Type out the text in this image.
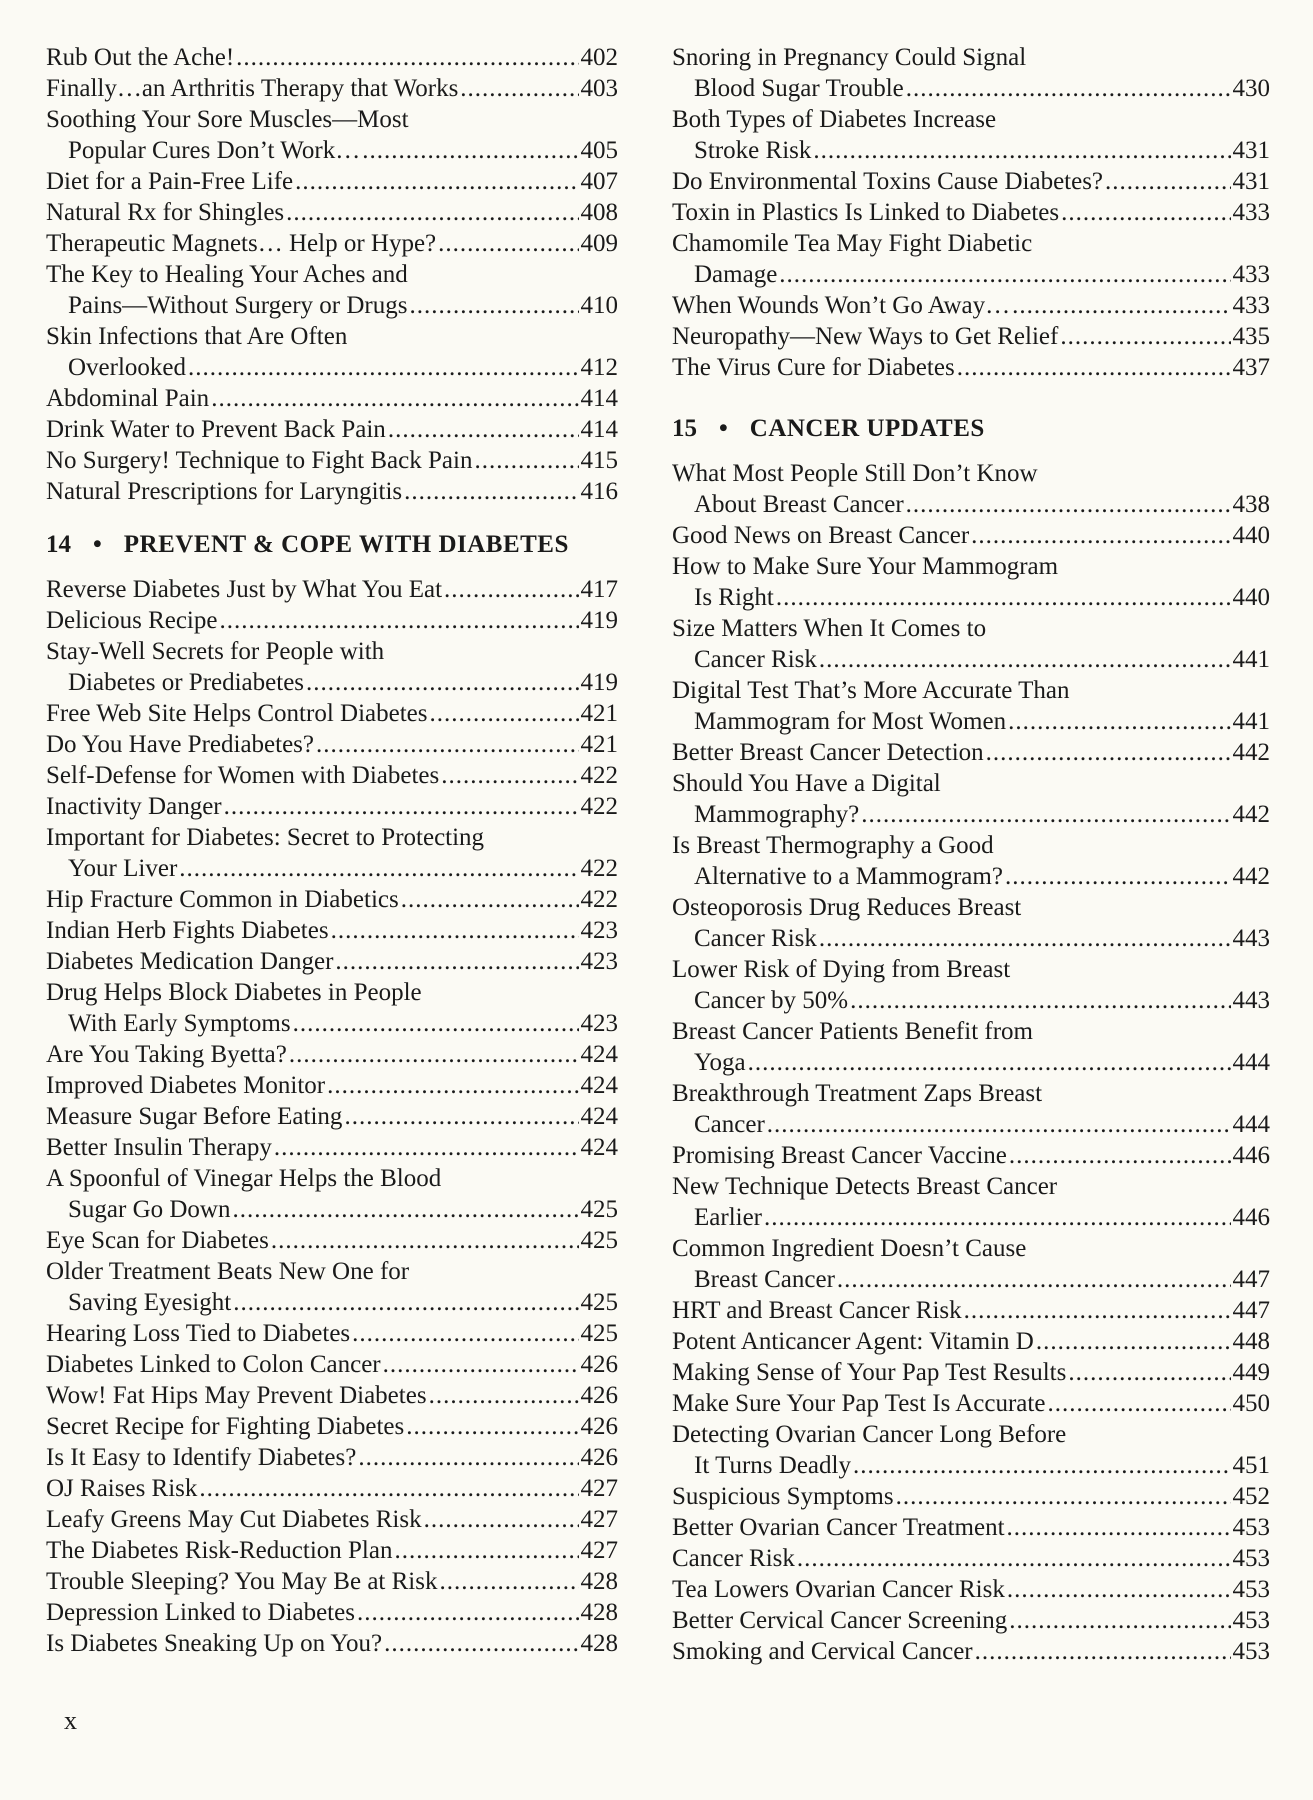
Rub Out the Ache! .....	402
Finally…an Arthritis Therapy that Works .....	403
Soothing Your Sore Muscles—Most
Popular Cures Don’t Work… .....	405
Diet for a Pain-Free Life .....	407
Natural Rx for Shingles .....	408
Therapeutic Magnets… Help or Hype? .....	409
The Key to Healing Your Aches and
Pains—Without Surgery or Drugs .....	410
Skin Infections that Are Often
Overlooked .....	412
Abdominal Pain .....	414
Drink Water to Prevent Back Pain .....	414
No Surgery! Technique to Fight Back Pain .....	415
Natural Prescriptions for Laryngitis .....	416
14 • PREVENT & COPE WITH DIABETES
Reverse Diabetes Just by What You Eat .....	417
Delicious Recipe .....	419
Stay-Well Secrets for People with
Diabetes or Prediabetes .....	419
Free Web Site Helps Control Diabetes .....	421
Do You Have Prediabetes? .....	421
Self-Defense for Women with Diabetes .....	422
Inactivity Danger .....	422
Important for Diabetes: Secret to Protecting
Your Liver .....	422
Hip Fracture Common in Diabetics .....	422
Indian Herb Fights Diabetes .....	423
Diabetes Medication Danger .....	423
Drug Helps Block Diabetes in People
With Early Symptoms .....	423
Are You Taking Byetta? .....	424
Improved Diabetes Monitor .....	424
Measure Sugar Before Eating .....	424
Better Insulin Therapy .....	424
A Spoonful of Vinegar Helps the Blood
Sugar Go Down .....	425
Eye Scan for Diabetes .....	425
Older Treatment Beats New One for
Saving Eyesight .....	425
Hearing Loss Tied to Diabetes .....	425
Diabetes Linked to Colon Cancer .....	426
Wow! Fat Hips May Prevent Diabetes .....	426
Secret Recipe for Fighting Diabetes .....	426
Is It Easy to Identify Diabetes? .....	426
OJ Raises Risk .....	427
Leafy Greens May Cut Diabetes Risk .....	427
The Diabetes Risk-Reduction Plan .....	427
Trouble Sleeping? You May Be at Risk .....	428
Depression Linked to Diabetes .....	428
Is Diabetes Sneaking Up on You? .....	428
Snoring in Pregnancy Could Signal
Blood Sugar Trouble .....	430
Both Types of Diabetes Increase
Stroke Risk .....	431
Do Environmental Toxins Cause Diabetes? .....	431
Toxin in Plastics Is Linked to Diabetes .....	433
Chamomile Tea May Fight Diabetic
Damage .....	433
When Wounds Won’t Go Away… .....	433
Neuropathy—New Ways to Get Relief .....	435
The Virus Cure for Diabetes .....	437
15 • CANCER UPDATES
What Most People Still Don’t Know
About Breast Cancer .....	438
Good News on Breast Cancer .....	440
How to Make Sure Your Mammogram
Is Right .....	440
Size Matters When It Comes to
Cancer Risk .....	441
Digital Test That’s More Accurate Than
Mammogram for Most Women .....	441
Better Breast Cancer Detection .....	442
Should You Have a Digital
Mammography? .....	442
Is Breast Thermography a Good
Alternative to a Mammogram? .....	442
Osteoporosis Drug Reduces Breast
Cancer Risk .....	443
Lower Risk of Dying from Breast
Cancer by 50% .....	443
Breast Cancer Patients Benefit from
Yoga .....	444
Breakthrough Treatment Zaps Breast
Cancer .....	444
Promising Breast Cancer Vaccine .....	446
New Technique Detects Breast Cancer
Earlier .....	446
Common Ingredient Doesn’t Cause
Breast Cancer .....	447
HRT and Breast Cancer Risk .....	447
Potent Anticancer Agent: Vitamin D .....	448
Making Sense of Your Pap Test Results .....	449
Make Sure Your Pap Test Is Accurate .....	450
Detecting Ovarian Cancer Long Before
It Turns Deadly .....	451
Suspicious Symptoms .....	452
Better Ovarian Cancer Treatment .....	453
Cancer Risk .....	453
Tea Lowers Ovarian Cancer Risk .....	453
Better Cervical Cancer Screening .....	453
Smoking and Cervical Cancer .....	453
x
